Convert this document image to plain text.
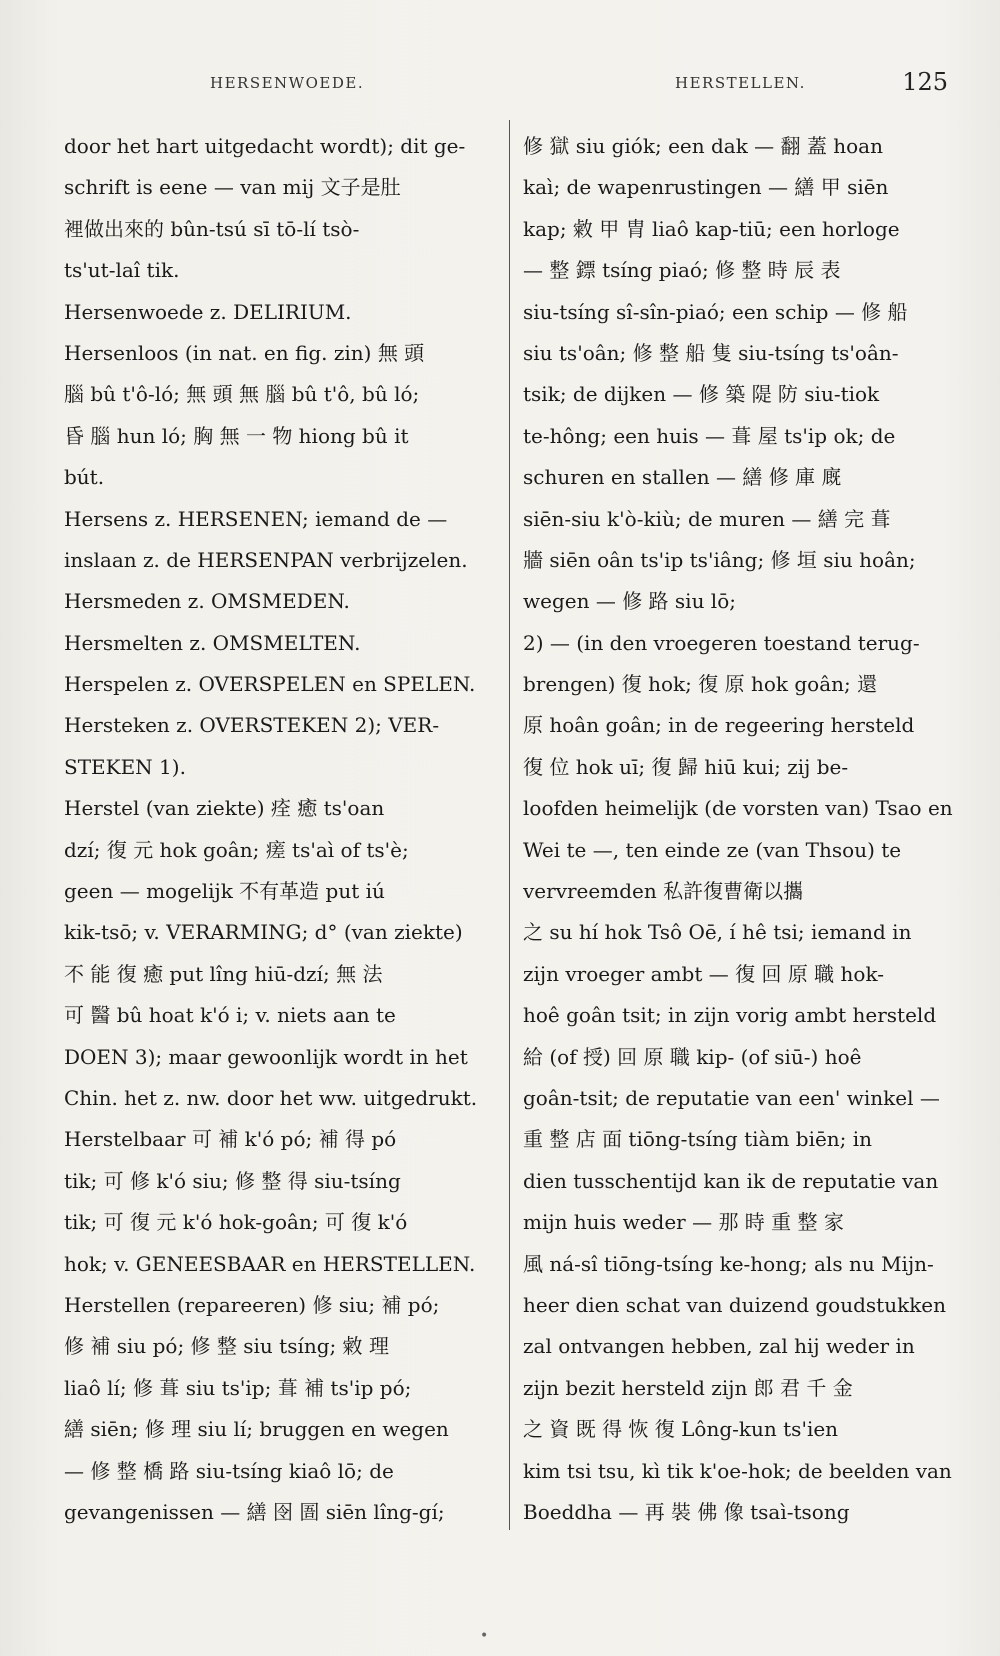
HERSENWOEDE.	HERSTELLEN.	125
door het hart uitgedacht wordt); dit ge-
schrift is eene — van mij 文子是肚
裡做出來的 bûn-tsú sī tō-lí tsò-
ts'ut-laî tik.
Hersenwoede z. DELIRIUM.
Hersenloos (in nat. en fig. zin) 無 頭
腦 bû t'ô-ló; 無 頭 無 腦 bû t'ô, bû ló;
昏 腦 hun ló; 胸 無 一 物 hiong bû it
bút.
Hersens z. HERSENEN; iemand de —
inslaan z. de HERSENPAN verbrijzelen.
Hersmeden z. OMSMEDEN.
Hersmelten z. OMSMELTEN.
Herspelen z. OVERSPELEN en SPELEN.
Hersteken z. OVERSTEKEN 2); VER-
STEKEN 1).
Herstel (van ziekte) 痊 癒 ts'oan
dzí; 復 元 hok goân; 瘥 ts'aì of ts'è;
geen — mogelijk 不有革造 put iú
kik-tsō; v. VERARMING; d° (van ziekte)
不 能 復 癒 put lîng hiū-dzí; 無 法
可 醫 bû hoat k'ó i; v. niets aan te
DOEN 3); maar gewoonlijk wordt in het
Chin. het z. nw. door het ww. uitgedrukt.
Herstelbaar 可 補 k'ó pó; 補 得 pó
tik; 可 修 k'ó siu; 修 整 得 siu-tsíng
tik; 可 復 元 k'ó hok-goân; 可 復 k'ó
hok; v. GENEESBAAR en HERSTELLEN.
Herstellen (repareeren) 修 siu; 補 pó;
修 補 siu pó; 修 整 siu tsíng; 敹 理
liaô lí; 修 葺 siu ts'ip; 葺 補 ts'ip pó;
繕 siēn; 修 理 siu lí; bruggen en wegen
— 修 整 橋 路 siu-tsíng kiaô lō; de
gevangenissen — 繕 囹 圄 siēn lîng-gí;
修 獄 siu giók; een dak — 翻 蓋 hoan
kaì; de wapenrustingen — 繕 甲 siēn
kap; 敹 甲 胄 liaô kap-tiū; een horloge
— 整 鏢 tsíng piaó; 修 整 時 辰 表
siu-tsíng sî-sîn-piaó; een schip — 修 船
siu ts'oân; 修 整 船 隻 siu-tsíng ts'oân-
tsik; de dijken — 修 築 隄 防 siu-tiok
te-hông; een huis — 葺 屋 ts'ip ok; de
schuren en stallen — 繕 修 庫 廐
siēn-siu k'ò-kiù; de muren — 繕 完 葺
牆 siēn oân ts'ip ts'iâng; 修 垣 siu hoân;
wegen — 修 路 siu lō;
2) — (in den vroegeren toestand terug-
brengen) 復 hok; 復 原 hok goân; 還
原 hoân goân; in de regeering hersteld
復 位 hok uī; 復 歸 hiū kui; zij be-
loofden heimelijk (de vorsten van) Tsao en
Wei te —, ten einde ze (van Thsou) te
vervreemden 私許復曹衛以攜
之 su hí hok Tsô Oē, í hê tsi; iemand in
zijn vroeger ambt — 復 回 原 職 hok-
hoê goân tsit; in zijn vorig ambt hersteld
給 (of 授) 回 原 職 kip- (of siū-) hoê
goân-tsit; de reputatie van een' winkel —
重 整 店 面 tiōng-tsíng tiàm biēn; in
dien tusschentijd kan ik de reputatie van
mijn huis weder — 那 時 重 整 家
風 ná-sî tiōng-tsíng ke-hong; als nu Mijn-
heer dien schat van duizend goudstukken
zal ontvangen hebben, zal hij weder in
zijn bezit hersteld zijn 郎 君 千 金
之 資 既 得 恢 復 Lông-kun ts'ien
kim tsi tsu, kì tik k'oe-hok; de beelden van
Boeddha — 再 裝 佛 像 tsaì-tsong
•
